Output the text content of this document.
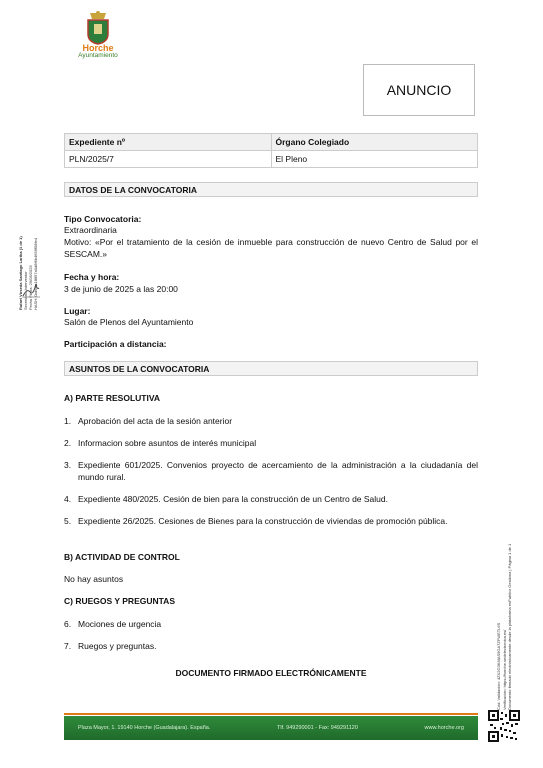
Horche
Ayuntamiento
ANUNCIO
Expediente nº	Órgano Colegiado
PLN/2025/7	El Pleno
DATOS DE LA CONVOCATORIA
Tipo Convocatoria:
Extraordinaria
Motivo: «Por el tratamiento de la cesión de inmueble para construcción de nuevo Centro de Salud por el SESCAM.»
Fecha y hora:
3 de junio de 2025 a las 20:00
Lugar:
Salón de Plenos del Ayuntamiento
Participación a distancia:
ASUNTOS DE LA CONVOCATORIA
A) PARTE RESOLUTIVA
1. Aprobación del acta de la sesión anterior
2. Informacion sobre asuntos de interés municipal
3. Expediente 601/2025. Convenios proyecto de acercamiento de la administración a la ciudadanía del mundo rural.
4. Expediente 480/2025. Cesión de bien para la construcción de un Centro de Salud.
5. Expediente 26/2025. Cesiones de Bienes para la construcción de viviendas de promoción pública.
B) ACTIVIDAD DE CONTROL
No hay asuntos
C) RUEGOS Y PREGUNTAS
6. Mociones de urgencia
7. Ruegos y preguntas.
DOCUMENTO FIRMADO ELECTRÓNICAMENTE
Plaza Mayor, 1. 19140 Horche (Guadalajara). España.	Tlf. 949290001 - Fax: 949291120	www.horche.org
Rafael Virseda Santiago Lariba (1 de 1) Secretario-Interventor Fecha Firma: 29/05/2025 HASH: 0abc8e1f8f57a0d8f6b4656f58fe4
Cód. Validación: 4ZX2G3KMAS9GA7ZFWETL6S Verificación: https://horche.sedelectronica.es/ Documento firmado electrónicamente desde la plataforma esPublico Gestiona | Página 1 de 1
